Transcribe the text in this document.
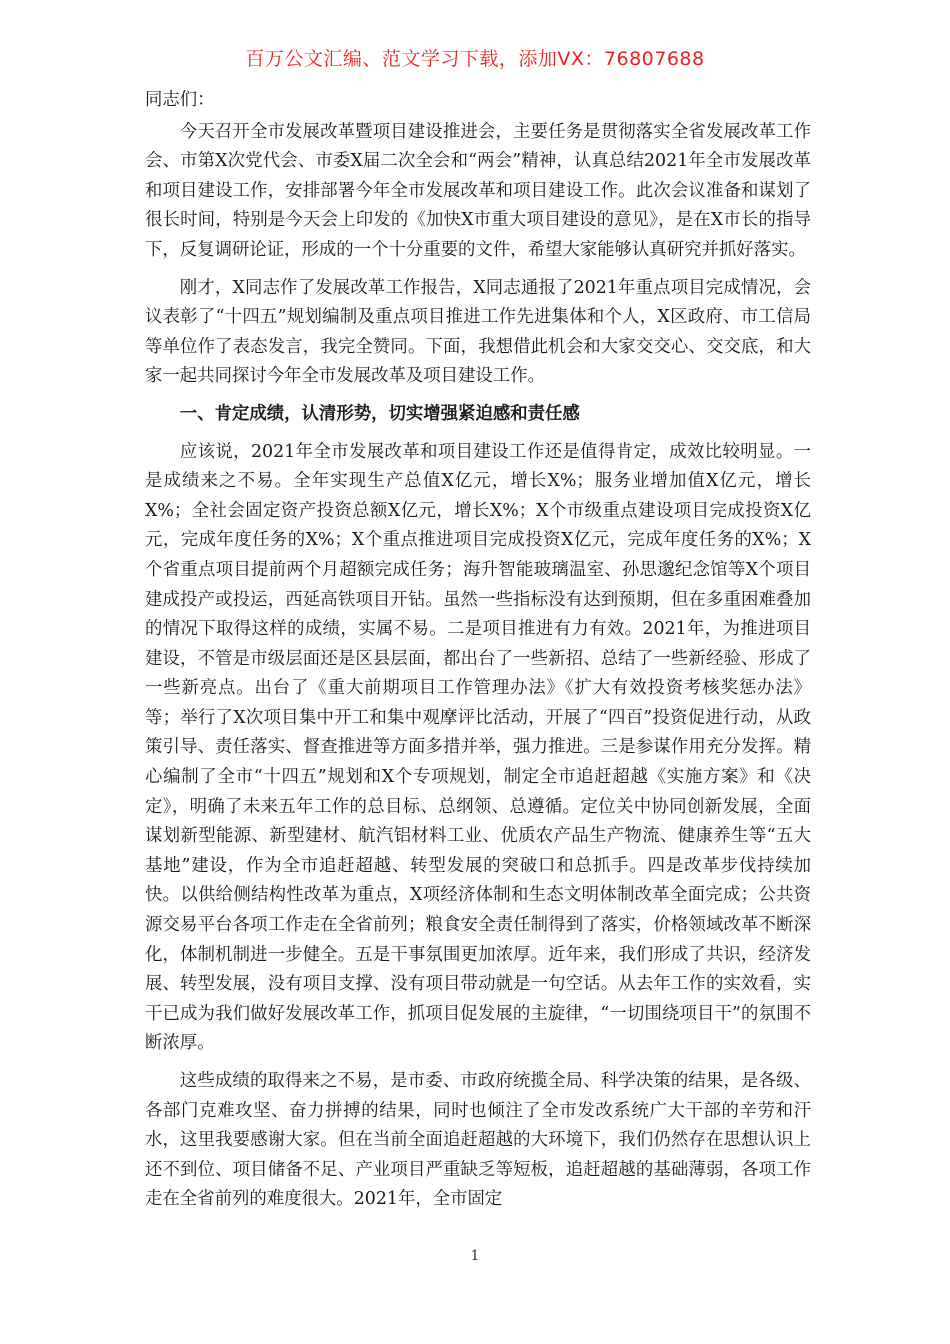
百万公文汇编、范文学习下载，添加VX：76807688

同志们：

今天召开全市发展改革暨项目建设推进会，主要任务是贯彻落实全省发展改革工作会、市第X次党代会、市委X届二次全会和“两会”精神，认真总结2021年全市发展改革和项目建设工作，安排部署今年全市发展改革和项目建设工作。此次会议准备和谋划了很长时间，特别是今天会上印发的《加快X市重大项目建设的意见》，是在X市长的指导下，反复调研论证，形成的一个十分重要的文件，希望大家能够认真研究并抓好落实。

刚才，X同志作了发展改革工作报告，X同志通报了2021年重点项目完成情况，会议表彰了“十四五”规划编制及重点项目推进工作先进集体和个人，X区政府、市工信局等单位作了表态发言，我完全赞同。下面，我想借此机会和大家交交心、交交底，和大家一起共同探讨今年全市发展改革及项目建设工作。

一、肯定成绩，认清形势，切实增强紧迫感和责任感

应该说，2021年全市发展改革和项目建设工作还是值得肯定，成效比较明显。一是成绩来之不易。全年实现生产总值X亿元，增长X%；服务业增加值X亿元，增长X%；全社会固定资产投资总额X亿元，增长X%；X个市级重点建设项目完成投资X亿元，完成年度任务的X%；X个重点推进项目完成投资X亿元，完成年度任务的X%；X个省重点项目提前两个月超额完成任务；海升智能玻璃温室、孙思邈纪念馆等X个项目建成投产或投运，西延高铁项目开钻。虽然一些指标没有达到预期，但在多重困难叠加的情况下取得这样的成绩，实属不易。二是项目推进有力有效。2021年，为推进项目建设，不管是市级层面还是区县层面，都出台了一些新招、总结了一些新经验、形成了一些新亮点。出台了《重大前期项目工作管理办法》《扩大有效投资考核奖惩办法》等；举行了X次项目集中开工和集中观摩评比活动，开展了“四百”投资促进行动，从政策引导、责任落实、督查推进等方面多措并举，强力推进。三是参谋作用充分发挥。精心编制了全市“十四五”规划和X个专项规划，制定全市追赶超越《实施方案》和《决定》，明确了未来五年工作的总目标、总纲领、总遵循。定位关中协同创新发展，全面谋划新型能源、新型建材、航汽铝材料工业、优质农产品生产物流、健康养生等“五大基地”建设，作为全市追赶超越、转型发展的突破口和总抓手。四是改革步伐持续加快。以供给侧结构性改革为重点，X项经济体制和生态文明体制改革全面完成；公共资源交易平台各项工作走在全省前列；粮食安全责任制得到了落实，价格领域改革不断深化，体制机制进一步健全。五是干事氛围更加浓厚。近年来，我们形成了共识，经济发展、转型发展，没有项目支撑、没有项目带动就是一句空话。从去年工作的实效看，实干已成为我们做好发展改革工作，抓项目促发展的主旋律，“一切围绕项目干”的氛围不断浓厚。

这些成绩的取得来之不易，是市委、市政府统揽全局、科学决策的结果，是各级、各部门克难攻坚、奋力拼搏的结果，同时也倾注了全市发改系统广大干部的辛劳和汗水，这里我要感谢大家。但在当前全面追赶超越的大环境下，我们仍然存在思想认识上还不到位、项目储备不足、产业项目严重缺乏等短板，追赶超越的基础薄弱，各项工作走在全省前列的难度很大。2021年，全市固定

1
